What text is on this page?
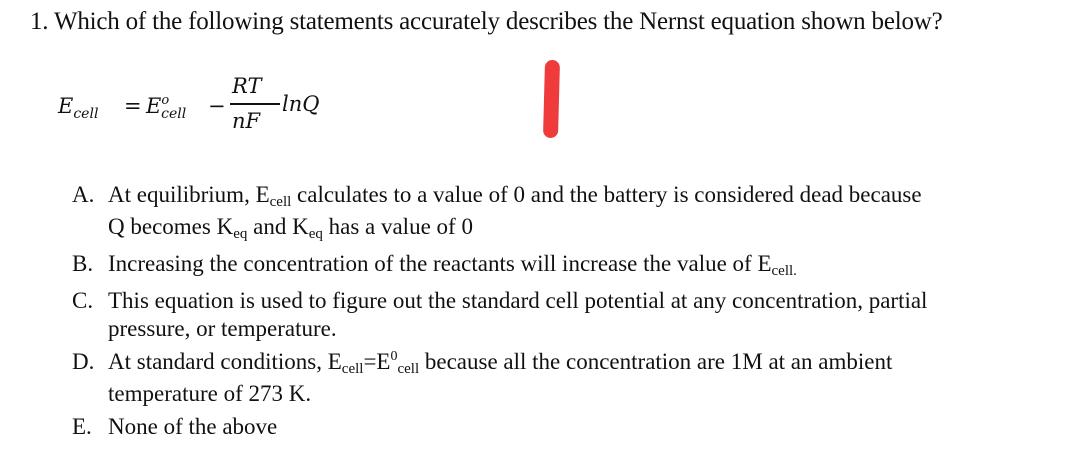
1. Which of the following statements accurately describes the Nernst equation shown below?
$E_{cell} = E^o_{cell}$ −
RT
nF
lnQ
A. At equilibrium, Ecell calculates to a value of 0 and the battery is considered dead because
Q becomes Keq and Keq has a value of 0
B. Increasing the concentration of the reactants will increase the value of Ecell.
C. This equation is used to figure out the standard cell potential at any concentration, partial
pressure, or temperature.
D. At standard conditions, $Ecell=E^0cell$ because all the concentration are 1M at an ambient
temperature of 273 K.
E. None of the above
